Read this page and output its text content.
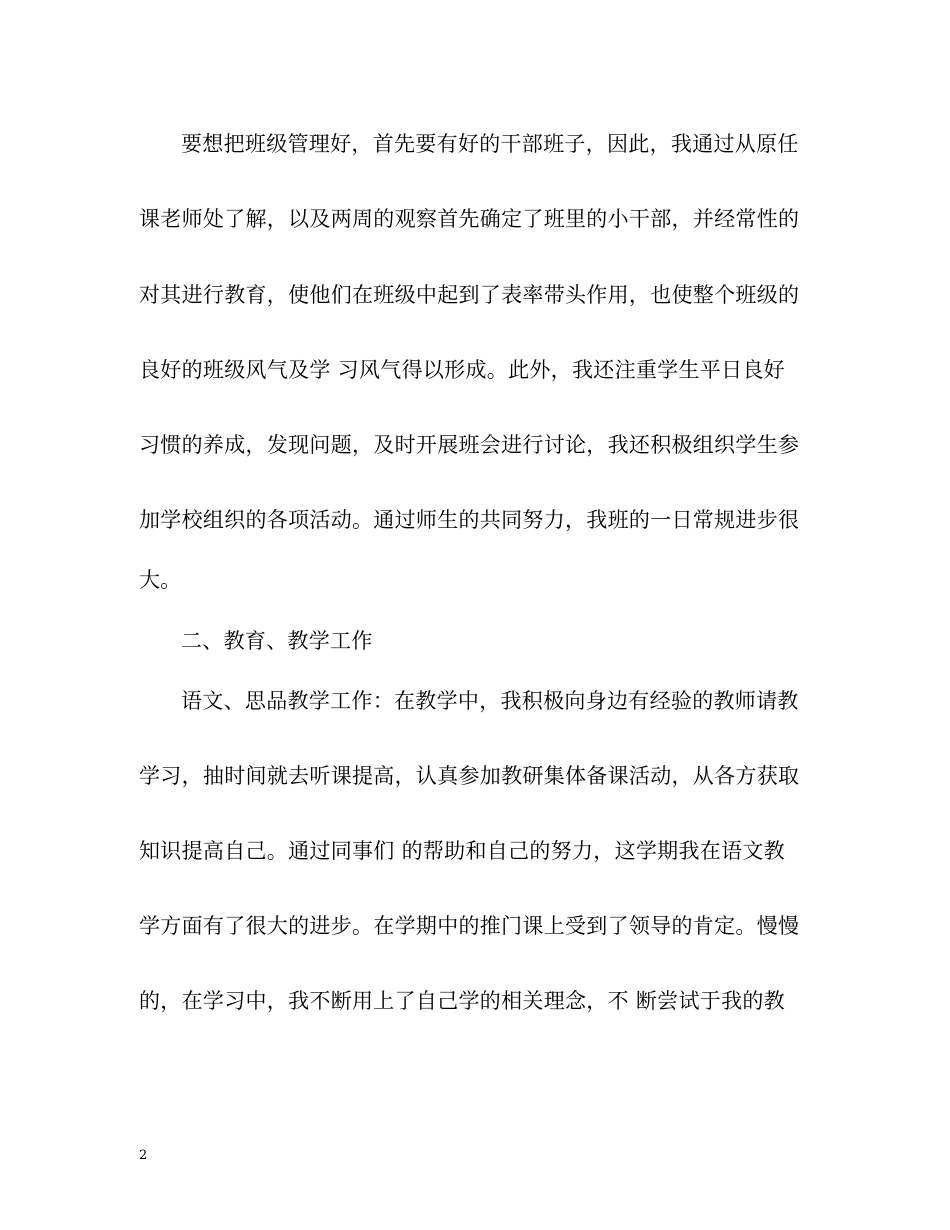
要想把班级管理好，首先要有好的干部班子，因此，我通过从原任
课老师处了解，以及两周的观察首先确定了班里的小干部，并经常性的
对其进行教育，使他们在班级中起到了表率带头作用，也使整个班级的
良好的班级风气及学 习风气得以形成。此外，我还注重学生平日良好
习惯的养成，发现问题，及时开展班会进行讨论，我还积极组织学生参
加学校组织的各项活动。通过师生的共同努力，我班的一日常规进步很
大。
二、教育、教学工作
语文、思品教学工作：在教学中，我积极向身边有经验的教师请教
学习，抽时间就去听课提高，认真参加教研集体备课活动，从各方获取
知识提高自己。通过同事们 的帮助和自己的努力，这学期我在语文教
学方面有了很大的进步。在学期中的推门课上受到了领导的肯定。慢慢
的，在学习中，我不断用上了自己学的相关理念，不 断尝试于我的教
2
